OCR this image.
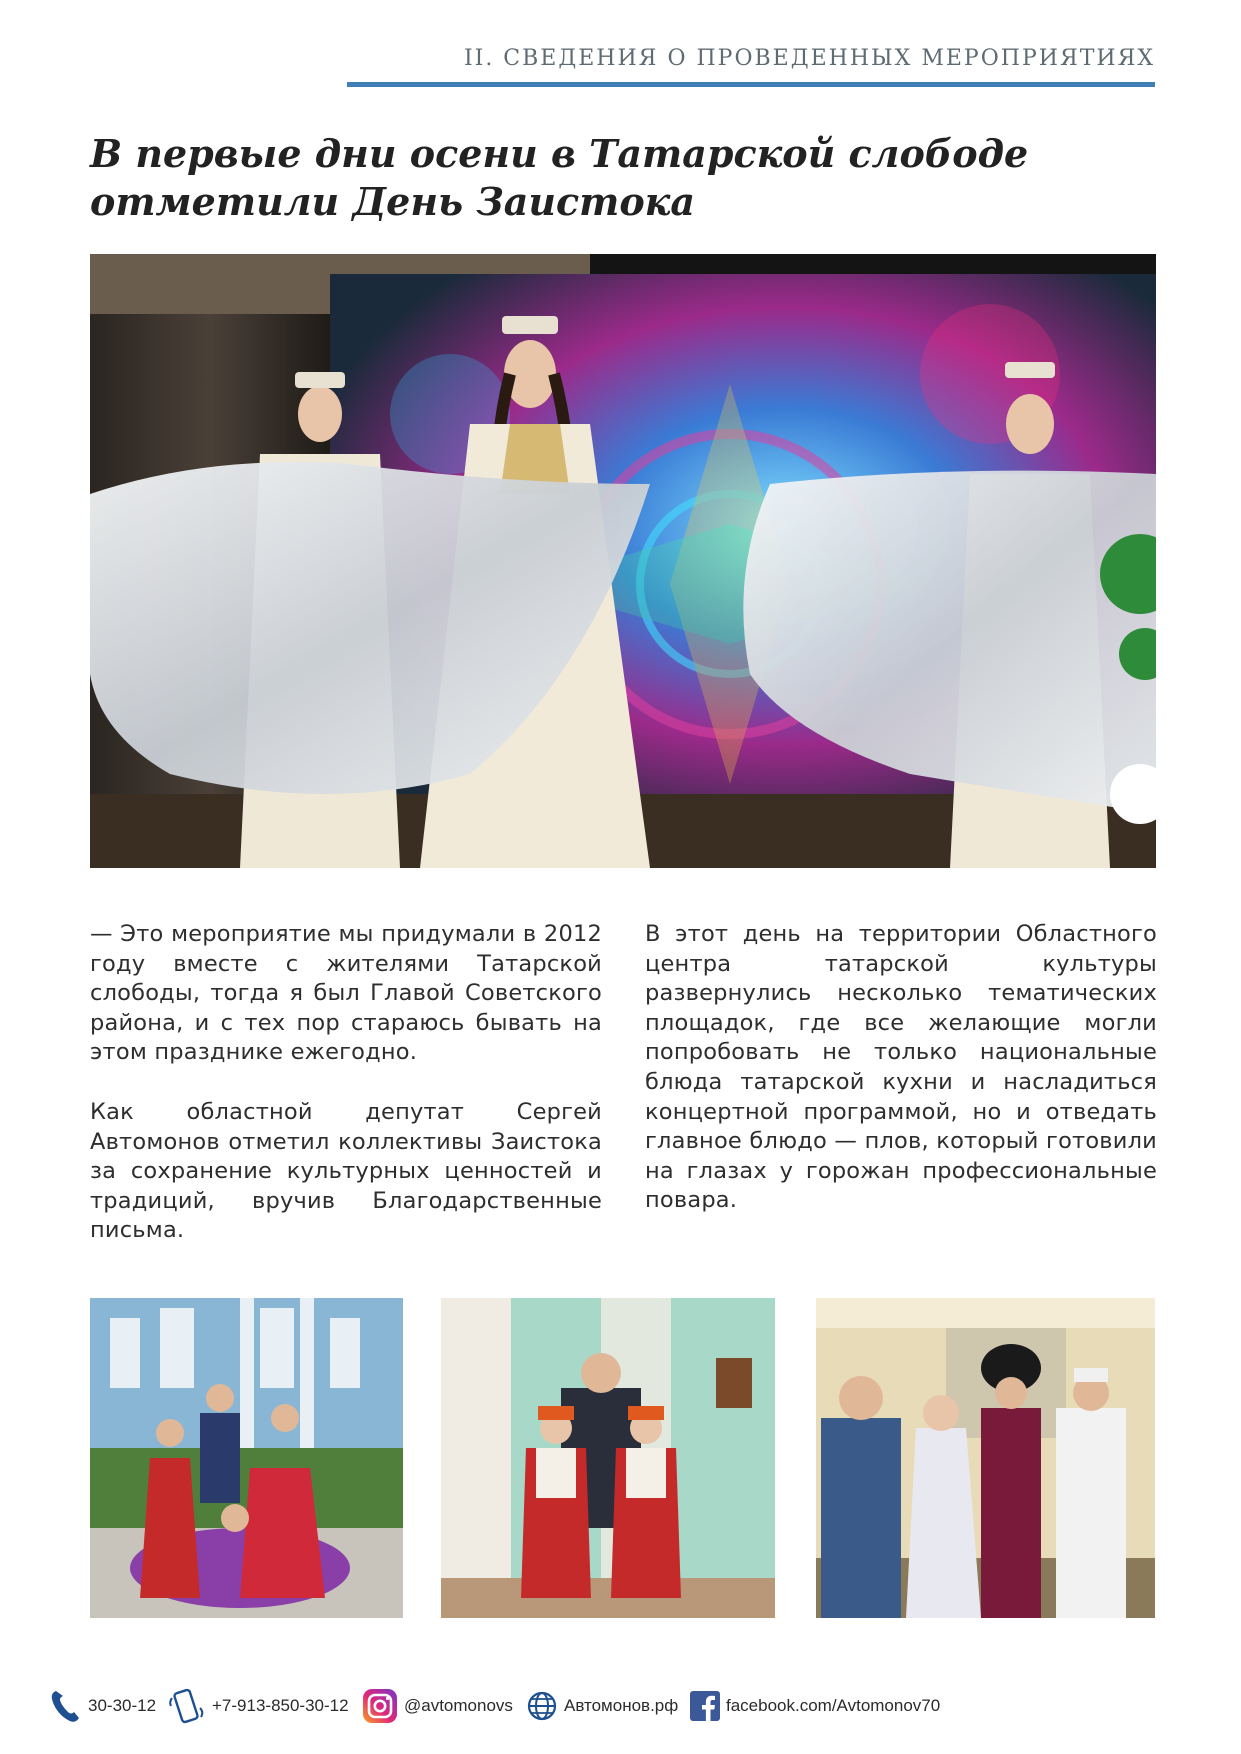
II. СВЕДЕНИЯ О ПРОВЕДЕННЫХ МЕРОПРИЯТИЯХ
В первые дни осени в Татарской слободе
отметили День Заистока

— Это мероприятие мы придумали в 2012 году вместе с жителями Татарской слободы, тогда я был Главой Советского района, и с тех пор стараюсь бывать на этом празднике ежегодно.

Как областной депутат Сергей Автомонов отметил коллективы Заистока за сохранение культурных ценностей и традиций, вручив Благодарственные письма.

В этот день на территории Областного центра татарской культуры развернулись несколько тематических площадок, где все желающие могли попробовать не только национальные блюда татарской кухни и насладиться концертной программой, но и отведать главное блюдо — плов, который готовили на глазах у горожан профессиональные повара.

30-30-12	+7-913-850-30-12	@avtomonovs	Автомонов.рф	facebook.com/Avtomonov70
